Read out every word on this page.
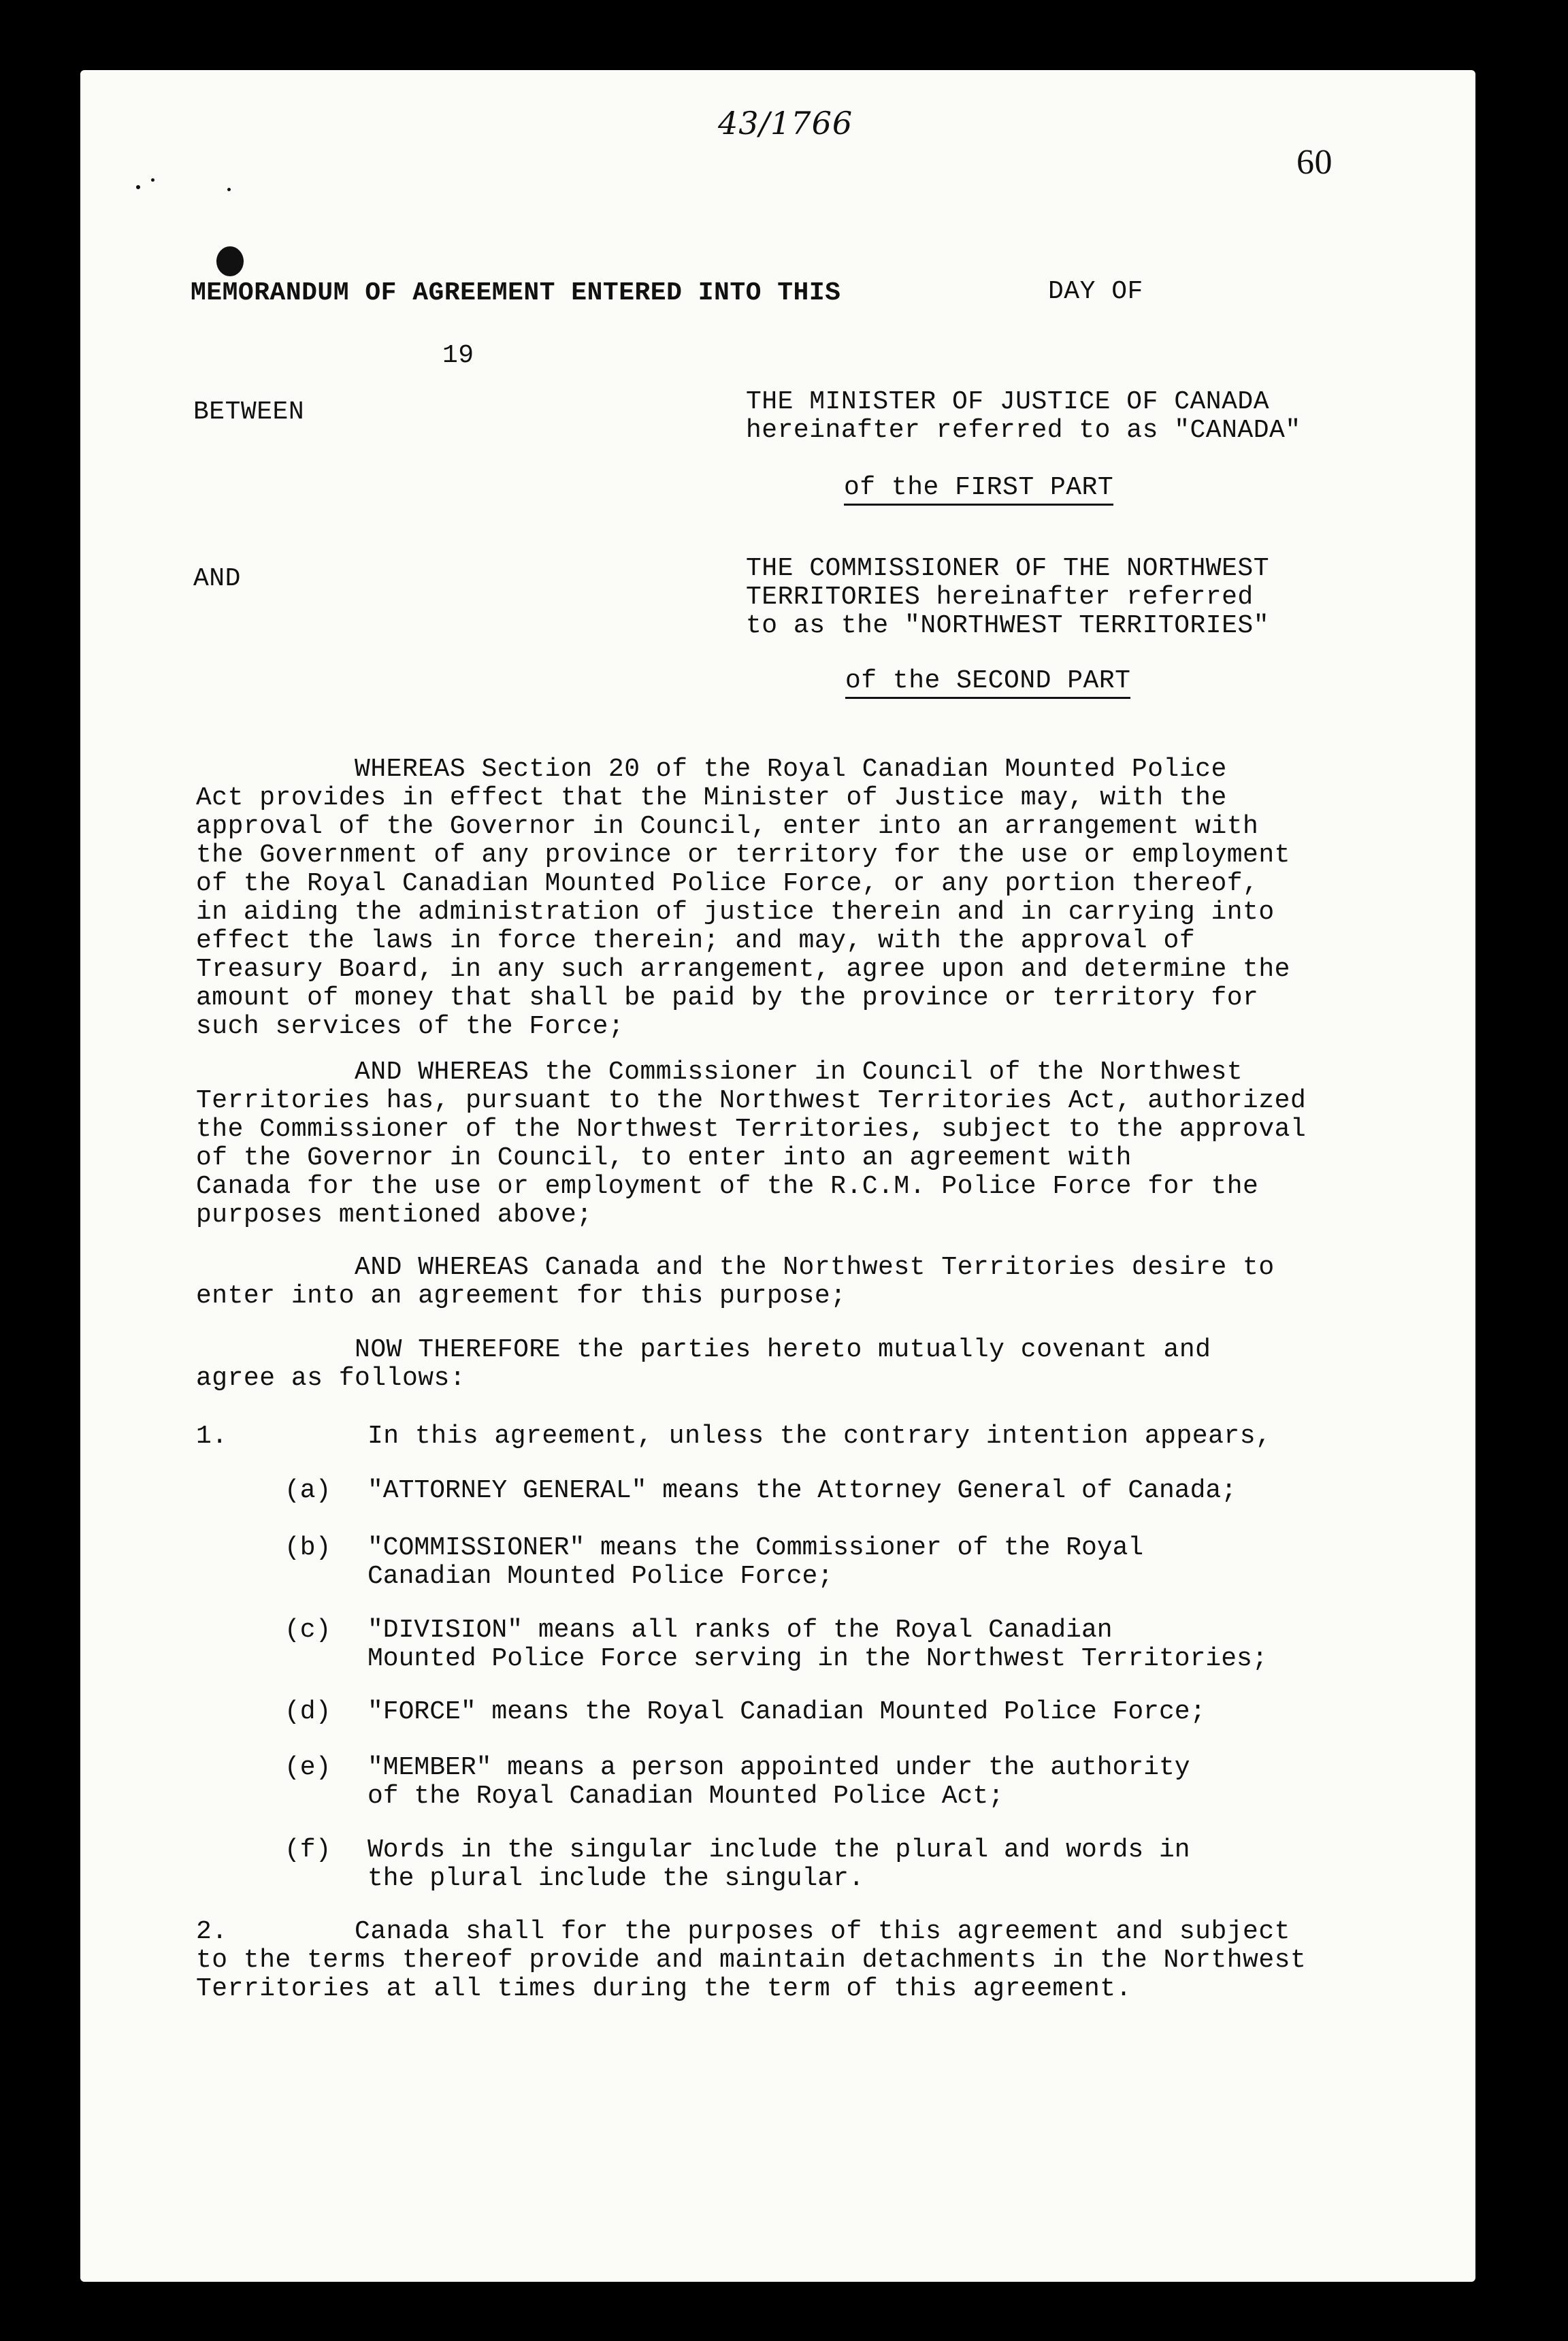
43/1766
60
MEMORANDUM OF AGREEMENT ENTERED INTO THIS	DAY OF
19
BETWEEN	THE MINISTER OF JUSTICE OF CANADA
hereinafter referred to as "CANADA"
of the FIRST PART
AND	THE COMMISSIONER OF THE NORTHWEST
TERRITORIES hereinafter referred
to as the "NORTHWEST TERRITORIES"
of the SECOND PART
WHEREAS Section 20 of the Royal Canadian Mounted Police
Act provides in effect that the Minister of Justice may, with the
approval of the Governor in Council, enter into an arrangement with
the Government of any province or territory for the use or employment
of the Royal Canadian Mounted Police Force, or any portion thereof,
in aiding the administration of justice therein and in carrying into
effect the laws in force therein; and may, with the approval of
Treasury Board, in any such arrangement, agree upon and determine the
amount of money that shall be paid by the province or territory for
such services of the Force;
AND WHEREAS the Commissioner in Council of the Northwest
Territories has, pursuant to the Northwest Territories Act, authorized
the Commissioner of the Northwest Territories, subject to the approval
of the Governor in Council, to enter into an agreement with
Canada for the use or employment of the R.C.M. Police Force for the
purposes mentioned above;
AND WHEREAS Canada and the Northwest Territories desire to
enter into an agreement for this purpose;
NOW THEREFORE the parties hereto mutually covenant and
agree as follows:
1.	In this agreement, unless the contrary intention appears,
(a) "ATTORNEY GENERAL" means the Attorney General of Canada;
(b) "COMMISSIONER" means the Commissioner of the Royal
Canadian Mounted Police Force;
(c) "DIVISION" means all ranks of the Royal Canadian
Mounted Police Force serving in the Northwest Territories;
(d) "FORCE" means the Royal Canadian Mounted Police Force;
(e) "MEMBER" means a person appointed under the authority
of the Royal Canadian Mounted Police Act;
(f) Words in the singular include the plural and words in
the plural include the singular.
2.        Canada shall for the purposes of this agreement and subject
to the terms thereof provide and maintain detachments in the Northwest
Territories at all times during the term of this agreement.
